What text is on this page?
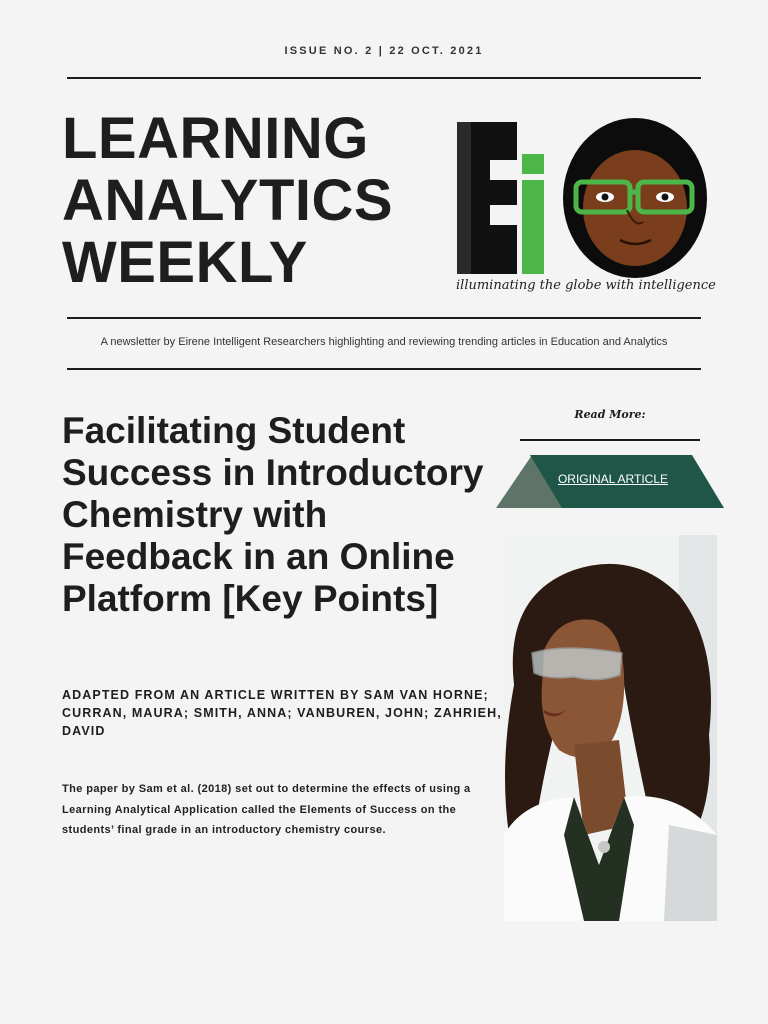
ISSUE NO. 2 | 22 OCT. 2021
LEARNING
ANALYTICS
WEEKLY	illuminating the globe with intelligence
A newsletter by Eirene Intelligent Researchers highlighting and reviewing trending articles in Education and Analytics
Facilitating Student Success in Introductory Chemistry with Feedback in an Online Platform [Key Points]
ADAPTED FROM AN ARTICLE WRITTEN BY SAM VAN HORNE; CURRAN, MAURA; SMITH, ANNA; VANBUREN, JOHN; ZAHRIEH, DAVID

The paper by Sam et al. (2018) set out to determine the effects of using a Learning Analytical Application called the Elements of Success on the students’ final grade in an introductory chemistry course.

Read More:
ORIGINAL ARTICLE
